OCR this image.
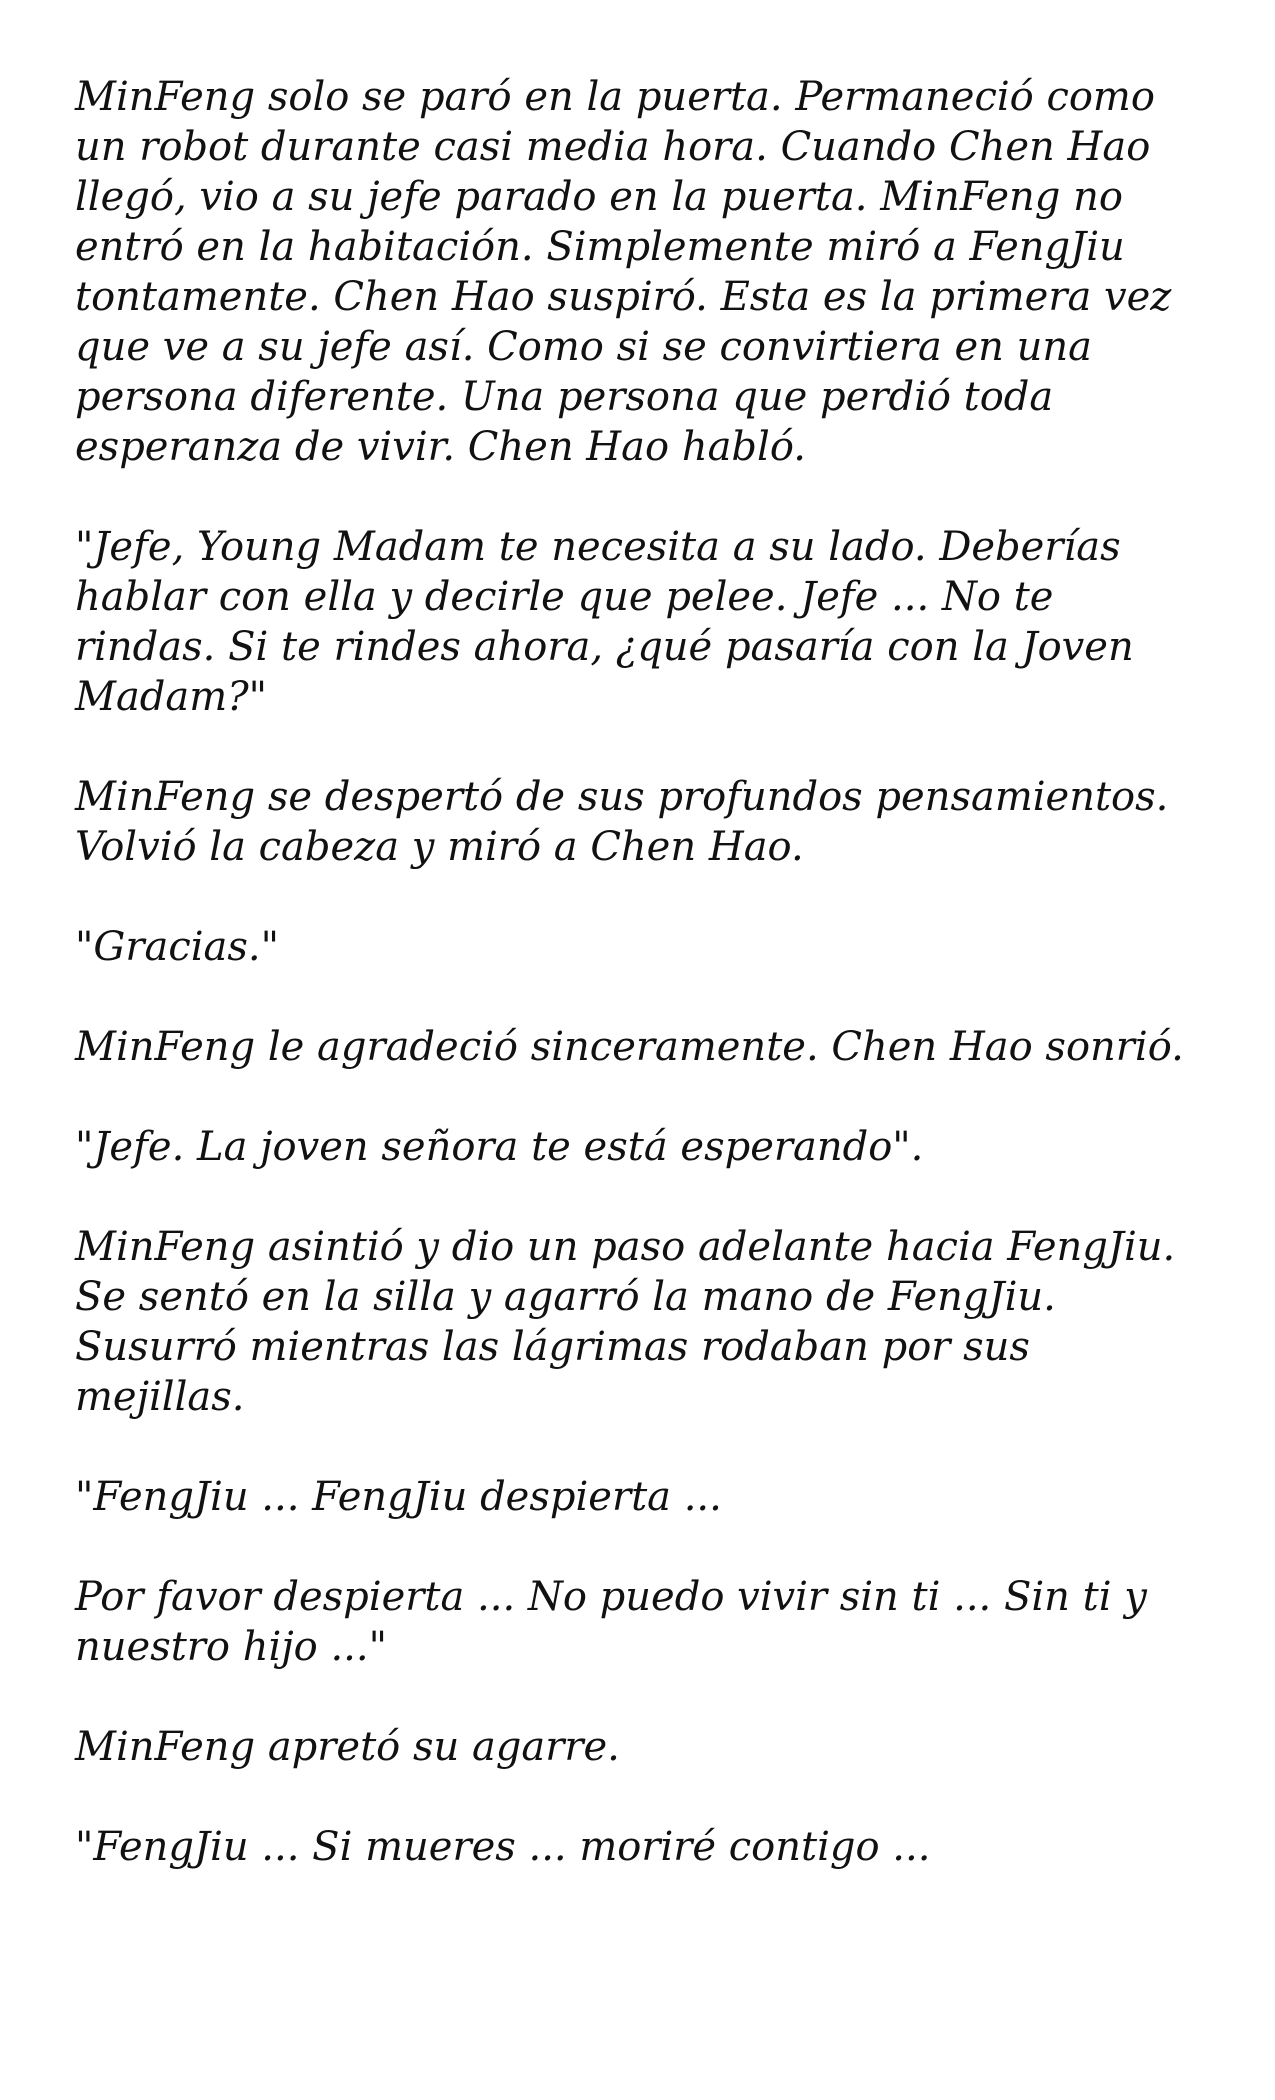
MinFeng solo se paró en la puerta. Permaneció como un robot durante casi media hora. Cuando Chen Hao llegó, vio a su jefe parado en la puerta. MinFeng no entró en la habitación. Simplemente miró a FengJiu tontamente. Chen Hao suspiró. Esta es la primera vez que ve a su jefe así. Como si se convirtiera en una persona diferente. Una persona que perdió toda esperanza de vivir. Chen Hao habló.

"Jefe, Young Madam te necesita a su lado. Deberías hablar con ella y decirle que pelee. Jefe ... No te rindas. Si te rindes ahora, ¿qué pasaría con la Joven Madam?"

MinFeng se despertó de sus profundos pensamientos. Volvió la cabeza y miró a Chen Hao.

"Gracias."

MinFeng le agradeció sinceramente. Chen Hao sonrió.

"Jefe. La joven señora te está esperando".

MinFeng asintió y dio un paso adelante hacia FengJiu. Se sentó en la silla y agarró la mano de FengJiu. Susurró mientras las lágrimas rodaban por sus mejillas.

"FengJiu ... FengJiu despierta ...

Por favor despierta ... No puedo vivir sin ti ... Sin ti y nuestro hijo ..."

MinFeng apretó su agarre.

"FengJiu ... Si mueres ... moriré contigo ...
